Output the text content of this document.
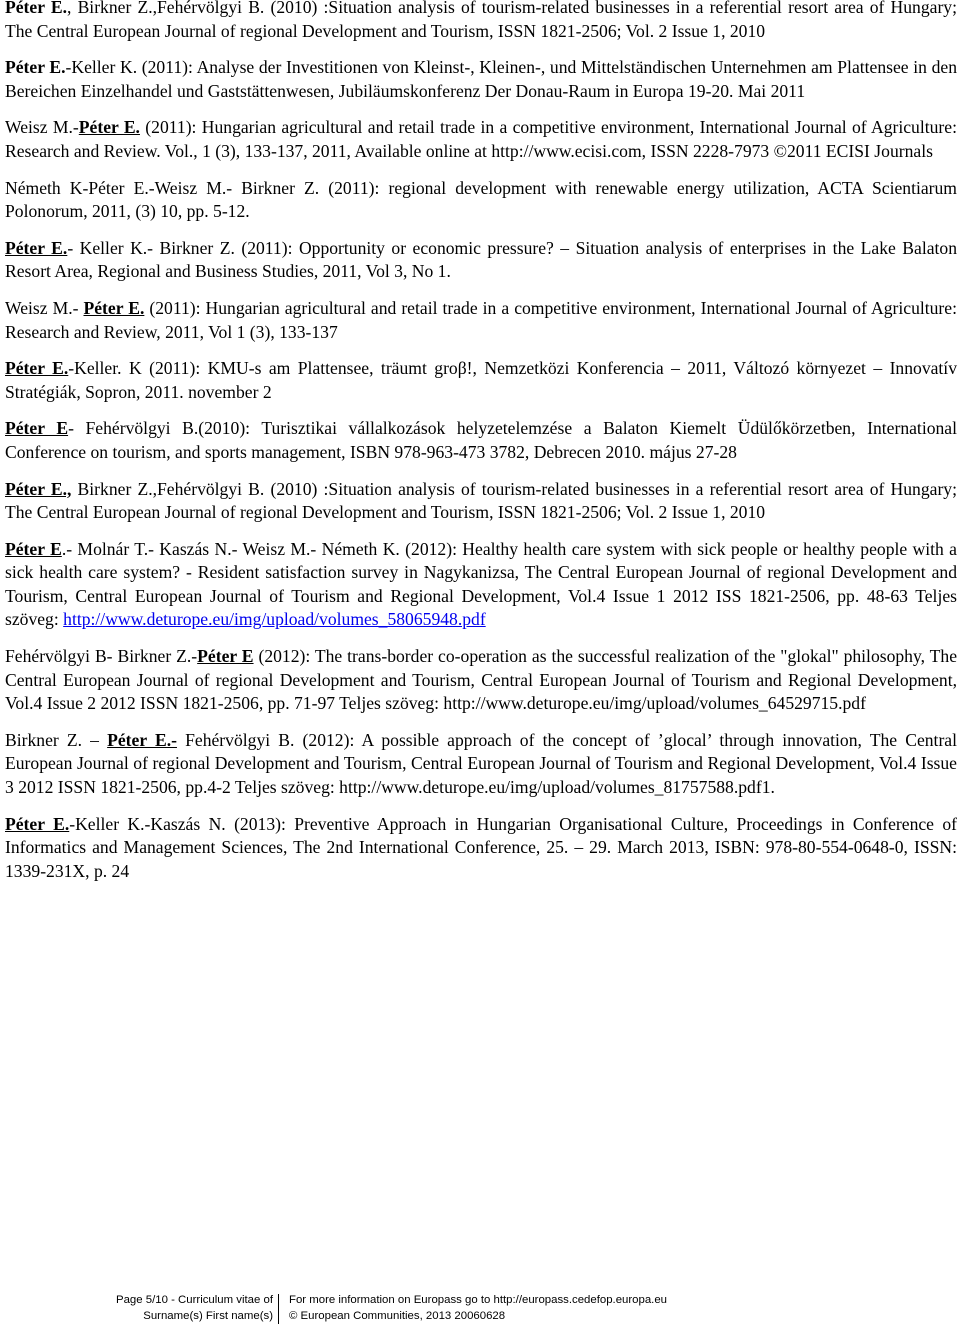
Péter E., Birkner Z.,Fehérvölgyi B. (2010) :Situation analysis of tourism-related businesses in a referential resort area of Hungary; The Central European Journal of regional Development and Tourism, ISSN 1821-2506; Vol. 2 Issue 1, 2010

Péter E.-Keller K. (2011): Analyse der Investitionen von Kleinst-, Kleinen-, und Mittelständischen Unternehmen am Plattensee in den Bereichen Einzelhandel und Gaststättenwesen, Jubiläumskonferenz Der Donau-Raum in Europa 19-20. Mai 2011

Weisz M.-Péter E. (2011): Hungarian agricultural and retail trade in a competitive environment, International Journal of Agriculture: Research and Review. Vol., 1 (3), 133-137, 2011, Available online at http://www.ecisi.com, ISSN 2228-7973 ©2011 ECISI Journals

Németh K-Péter E.-Weisz M.- Birkner Z. (2011): regional development with renewable energy utilization, ACTA Scientiarum Polonorum, 2011, (3) 10, pp. 5-12.

Péter E.- Keller K.- Birkner Z. (2011): Opportunity or economic pressure? – Situation analysis of enterprises in the Lake Balaton Resort Area, Regional and Business Studies, 2011, Vol 3, No 1.

Weisz M.- Péter E. (2011): Hungarian agricultural and retail trade in a competitive environment, International Journal of Agriculture: Research and Review, 2011, Vol 1 (3), 133-137

Péter E.-Keller. K (2011): KMU-s am Plattensee, träumt groβ!, Nemzetközi Konferencia – 2011, Változó környezet – Innovatív Stratégiák, Sopron, 2011. november 2

Péter E- Fehérvölgyi B.(2010): Turisztikai vállalkozások helyzetelemzése a Balaton Kiemelt Üdülőkörzetben, International Conference on tourism, and sports management, ISBN 978-963-473 3782, Debrecen 2010. május 27-28

Péter E., Birkner Z.,Fehérvölgyi B. (2010) :Situation analysis of tourism-related businesses in a referential resort area of Hungary; The Central European Journal of regional Development and Tourism, ISSN 1821-2506; Vol. 2 Issue 1, 2010

Péter E.- Molnár T.- Kaszás N.- Weisz M.- Németh K. (2012): Healthy health care system with sick people or healthy people with a sick health care system? - Resident satisfaction survey in Nagykanizsa, The Central European Journal of regional Development and Tourism, Central European Journal of Tourism and Regional Development, Vol.4 Issue 1 2012 ISS 1821-2506, pp. 48-63 Teljes szöveg: http://www.deturope.eu/img/upload/volumes_58065948.pdf

Fehérvölgyi B- Birkner Z.-Péter E (2012): The trans-border co-operation as the successful realization of the "glokal" philosophy, The Central European Journal of regional Development and Tourism, Central European Journal of Tourism and Regional Development, Vol.4 Issue 2 2012 ISSN 1821-2506, pp. 71-97 Teljes szöveg: http://www.deturope.eu/img/upload/volumes_64529715.pdf

Birkner Z. – Péter E.- Fehérvölgyi B. (2012): A possible approach of the concept of ’glocal’ through innovation, The Central European Journal of regional Development and Tourism, Central European Journal of Tourism and Regional Development, Vol.4 Issue 3 2012 ISSN 1821-2506, pp.4-2 Teljes szöveg: http://www.deturope.eu/img/upload/volumes_81757588.pdf1.

Péter E.-Keller K.-Kaszás N. (2013): Preventive Approach in Hungarian Organisational Culture, Proceedings in Conference of Informatics and Management Sciences, The 2nd International Conference, 25. – 29. March 2013, ISBN: 978-80-554-0648-0, ISSN: 1339-231X, p. 24

Page 5/10 - Curriculum vitae of
Surname(s) First name(s)
For more information on Europass go to http://europass.cedefop.europa.eu
© European Communities, 2013 20060628
